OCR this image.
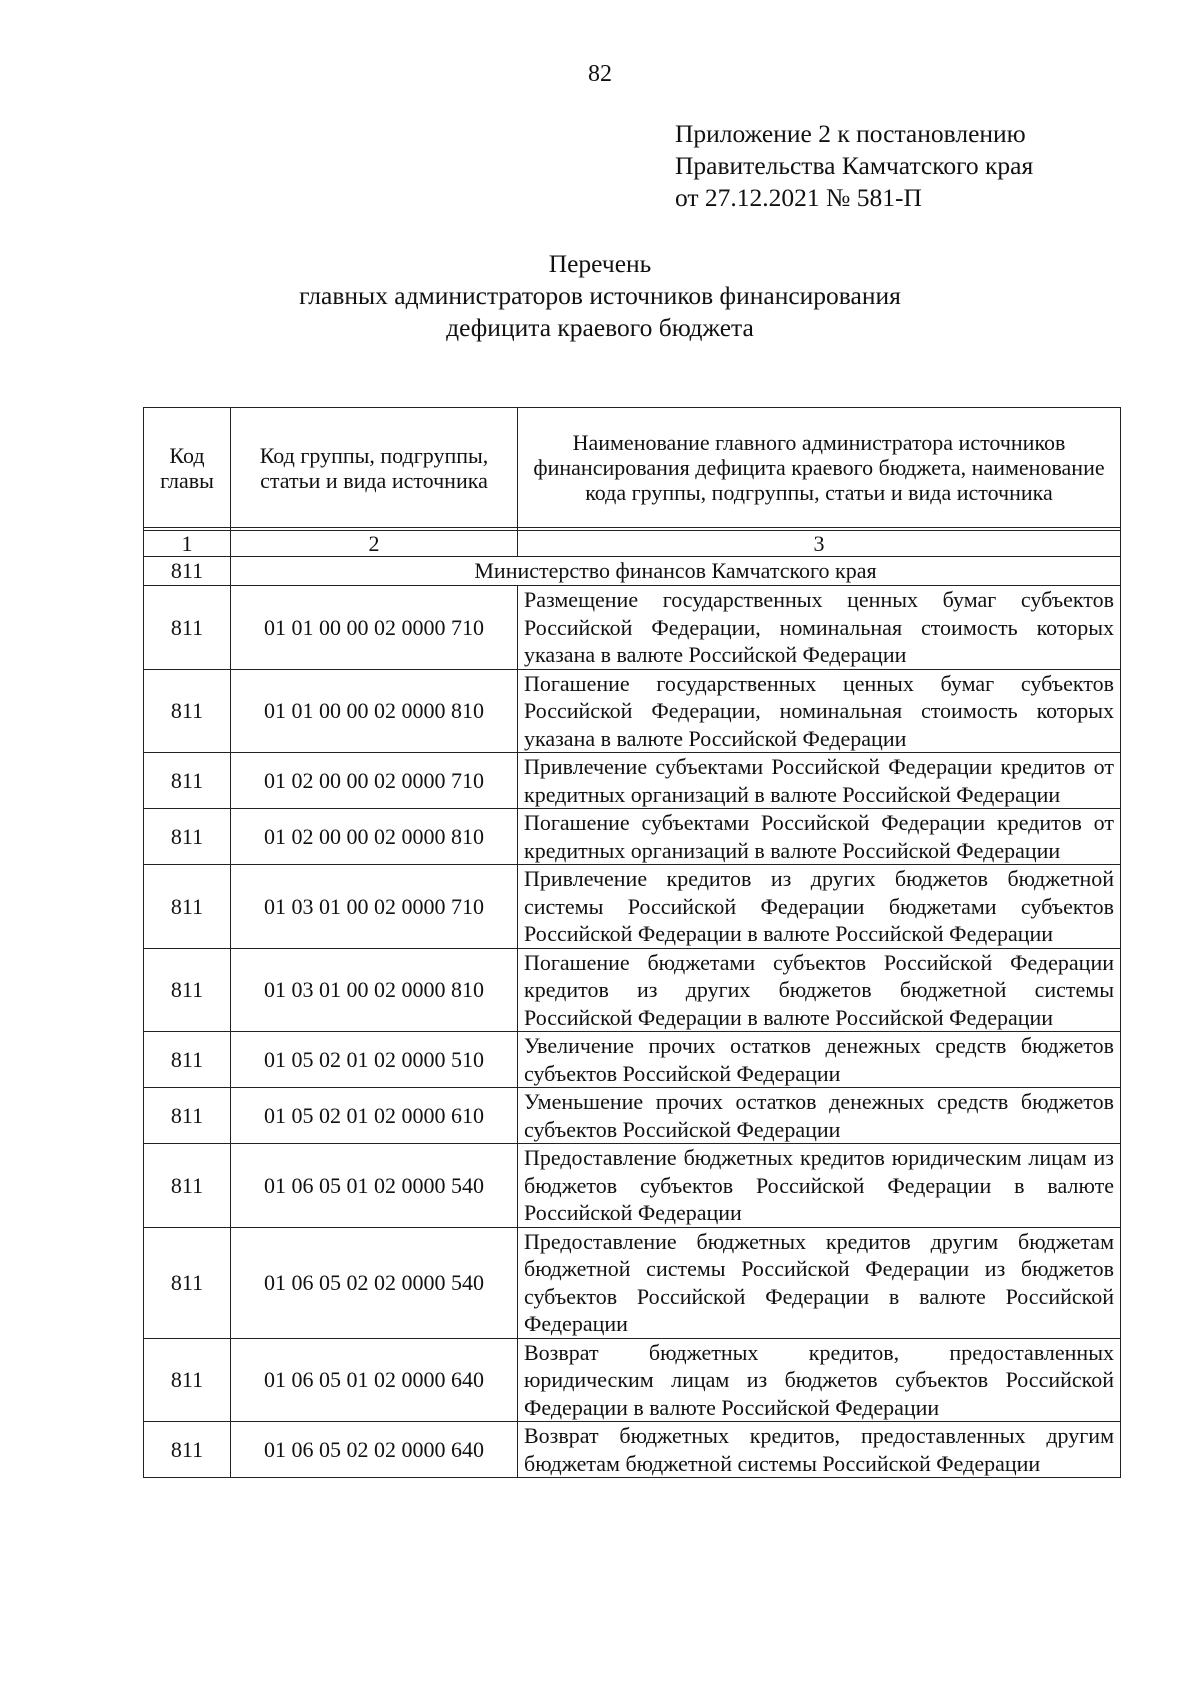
82
Приложение 2 к постановлению
Правительства Камчатского края
от 27.12.2021 № 581-П
Перечень
главных администраторов источников финансирования
дефицита краевого бюджета
Код главы	Код группы, подгруппы, статьи и вида источника	Наименование главного администратора источников финансирования дефицита краевого бюджета, наименование кода группы, подгруппы, статьи и вида источника

1	2	3
811	Министерство финансов Камчатского края	
811	01 01 00 00 02 0000 710	Размещение государственных ценных бумаг субъектов Российской Федерации, номинальная стоимость которых указана в валюте Российской Федерации
811	01 01 00 00 02 0000 810	Погашение государственных ценных бумаг субъектов Российской Федерации, номинальная стоимость которых указана в валюте Российской Федерации
811	01 02 00 00 02 0000 710	Привлечение субъектами Российской Федерации кредитов от кредитных организаций в валюте Российской Федерации
811	01 02 00 00 02 0000 810	Погашение субъектами Российской Федерации кредитов от кредитных организаций в валюте Российской Федерации
811	01 03 01 00 02 0000 710	Привлечение кредитов из других бюджетов бюджетной системы Российской Федерации бюджетами субъектов Российской Федерации в валюте Российской Федерации
811	01 03 01 00 02 0000 810	Погашение бюджетами субъектов Российской Федерации кредитов из других бюджетов бюджетной системы Российской Федерации в валюте Российской Федерации
811	01 05 02 01 02 0000 510	Увеличение прочих остатков денежных средств бюджетов субъектов Российской Федерации
811	01 05 02 01 02 0000 610	Уменьшение прочих остатков денежных средств бюджетов субъектов Российской Федерации
811	01 06 05 01 02 0000 540	Предоставление бюджетных кредитов юридическим лицам из бюджетов субъектов Российской Федерации в валюте Российской Федерации
811	01 06 05 02 02 0000 540	Предоставление бюджетных кредитов другим бюджетам бюджетной системы Российской Федерации из бюджетов субъектов Российской Федерации в валюте Российской Федерации
811	01 06 05 01 02 0000 640	Возврат бюджетных кредитов, предоставленных юридическим лицам из бюджетов субъектов Российской Федерации в валюте Российской Федерации
811	01 06 05 02 02 0000 640	Возврат бюджетных кредитов, предоставленных другим бюджетам бюджетной системы Российской Федерации
